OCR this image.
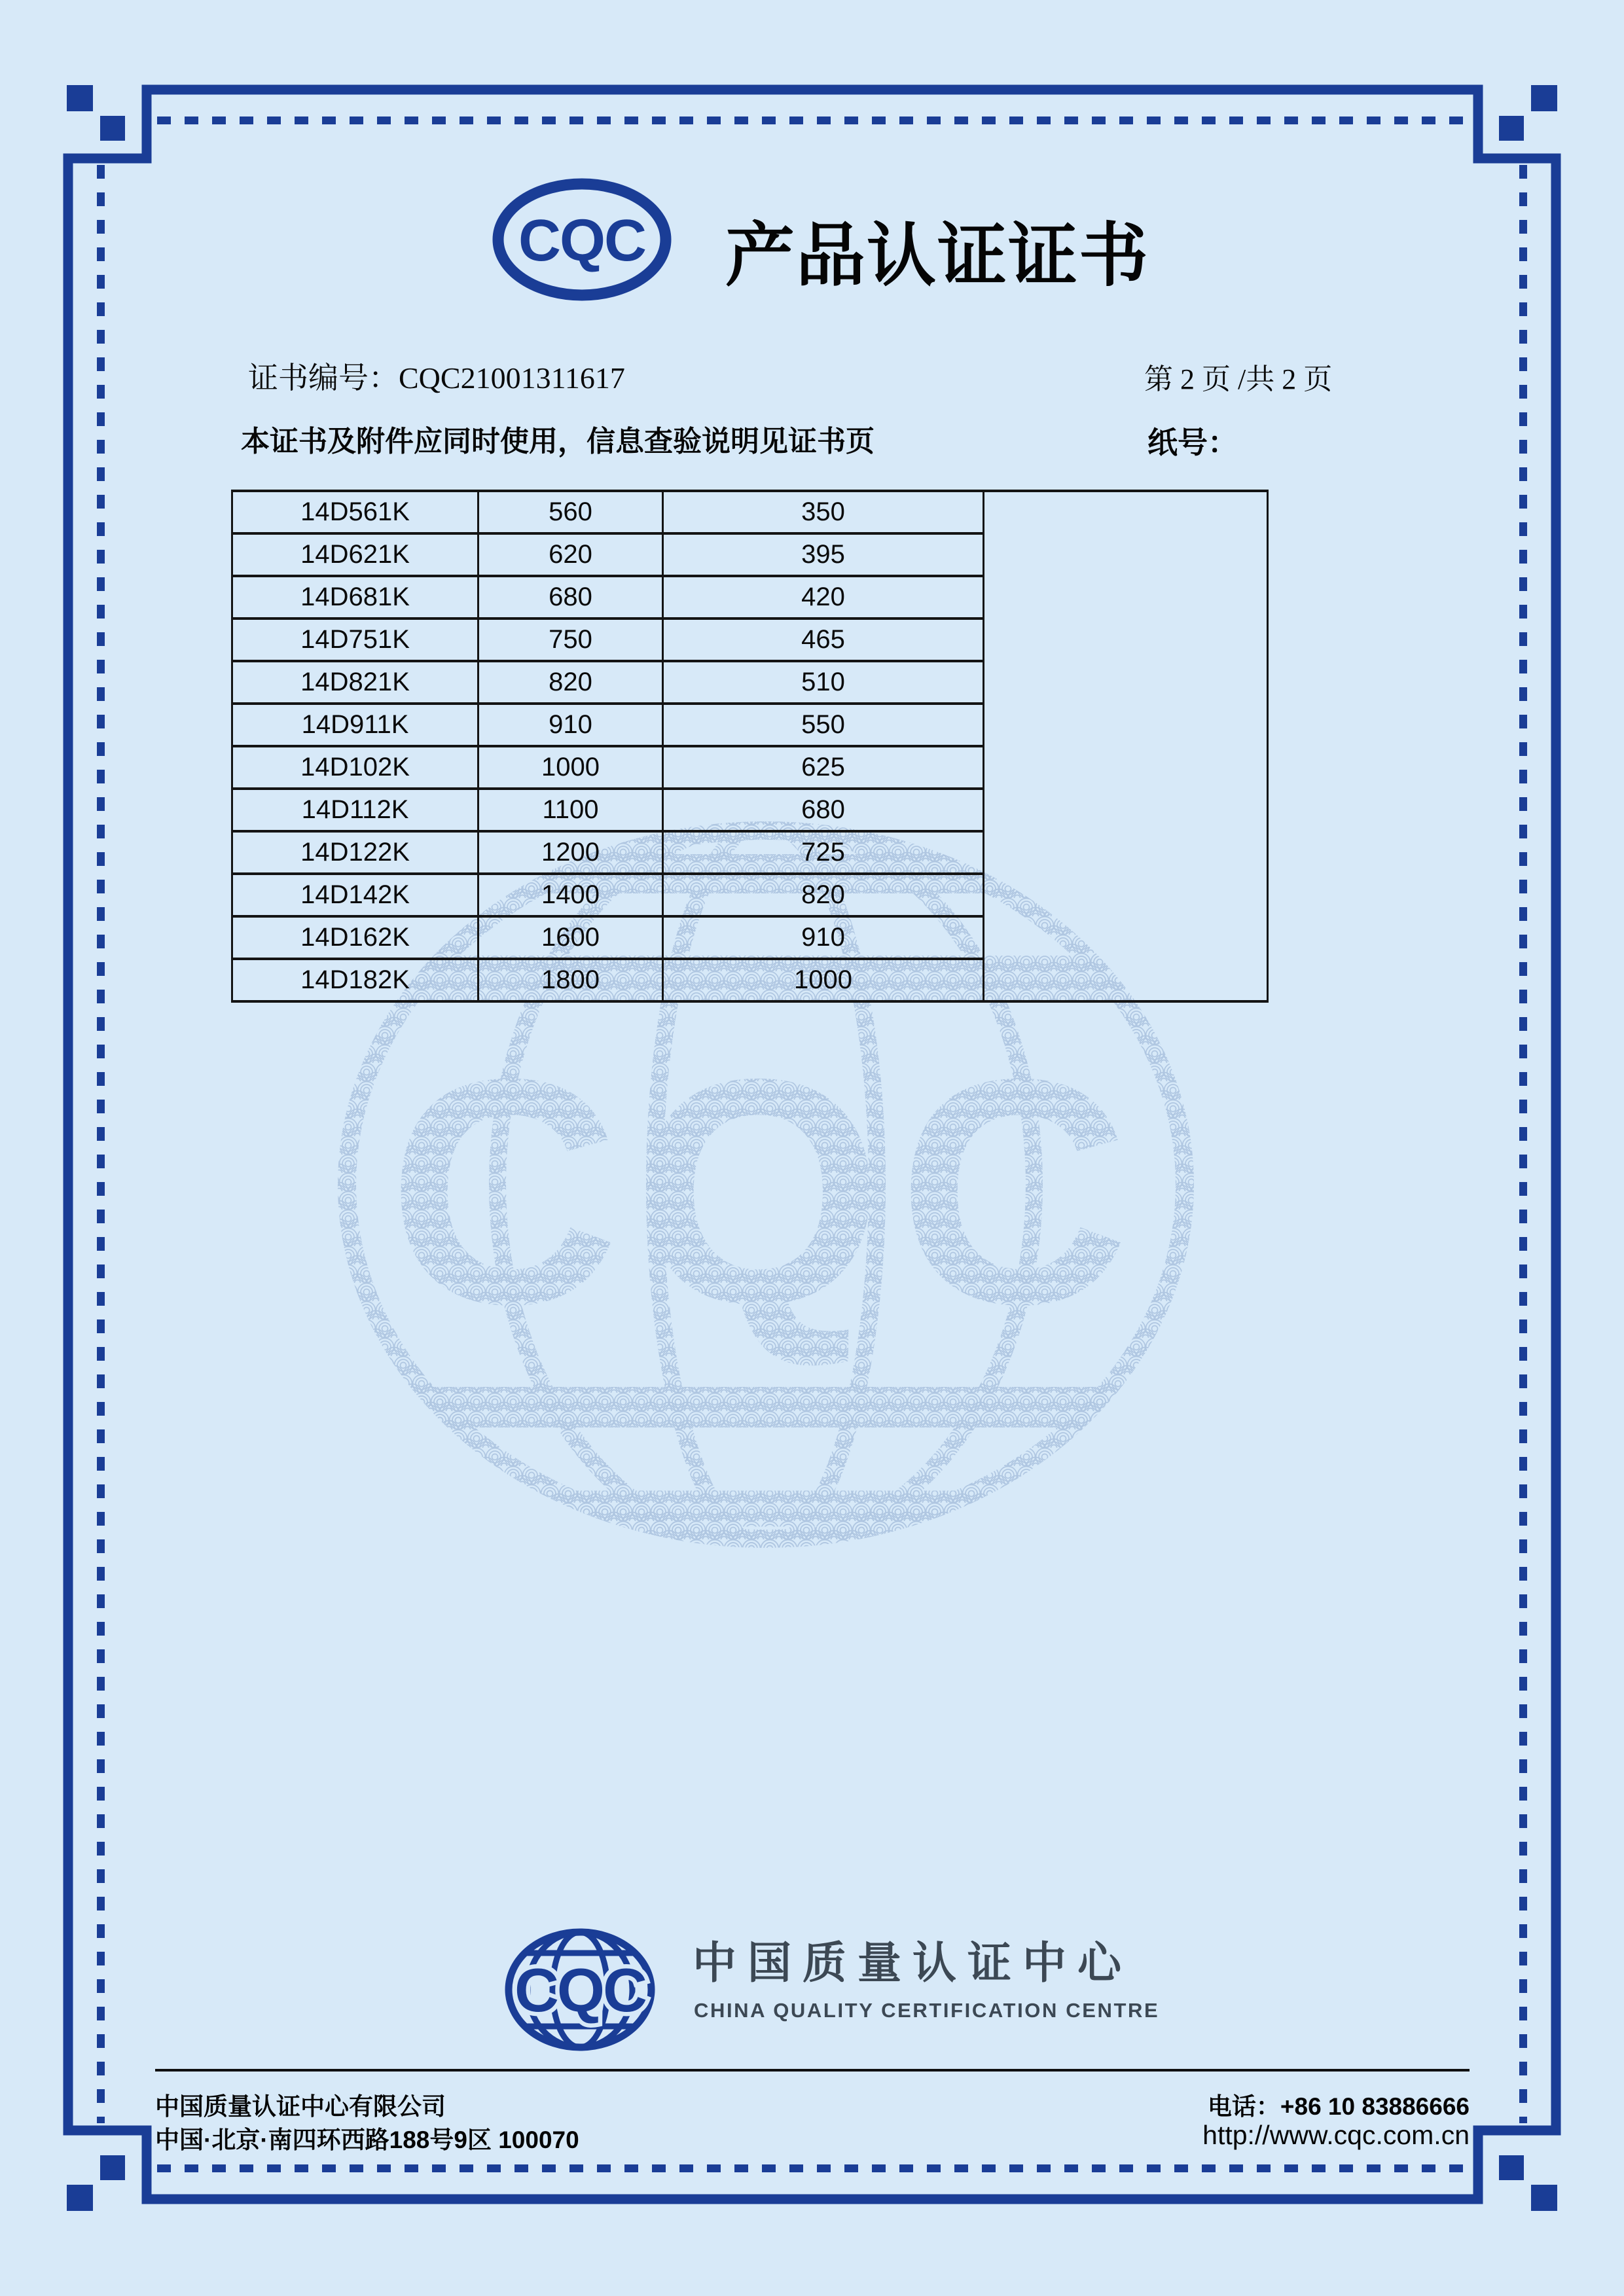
CQC
CQC 产品认证证书
证书编号：CQC21001311617	第 2 页 /共 2 页
本证书及附件应同时使用，信息查验说明见证书页	纸号：
14D561K	560	350	
14D621K	620	395	
14D681K	680	420	
14D751K	750	465	
14D821K	820	510	
14D911K	910	550	
14D102K	1000	625	
14D112K	1100	680	
14D122K	1200	725	
14D142K	1400	820	
14D162K	1600	910	
14D182K	1800	1000	
CQC 中国质量认证中心
CHINA QUALITY CERTIFICATION CENTRE
中国质量认证中心有限公司
中国·北京·南四环西路188号9区 100070
电话：+86 10 83886666
http://www.cqc.com.cn
